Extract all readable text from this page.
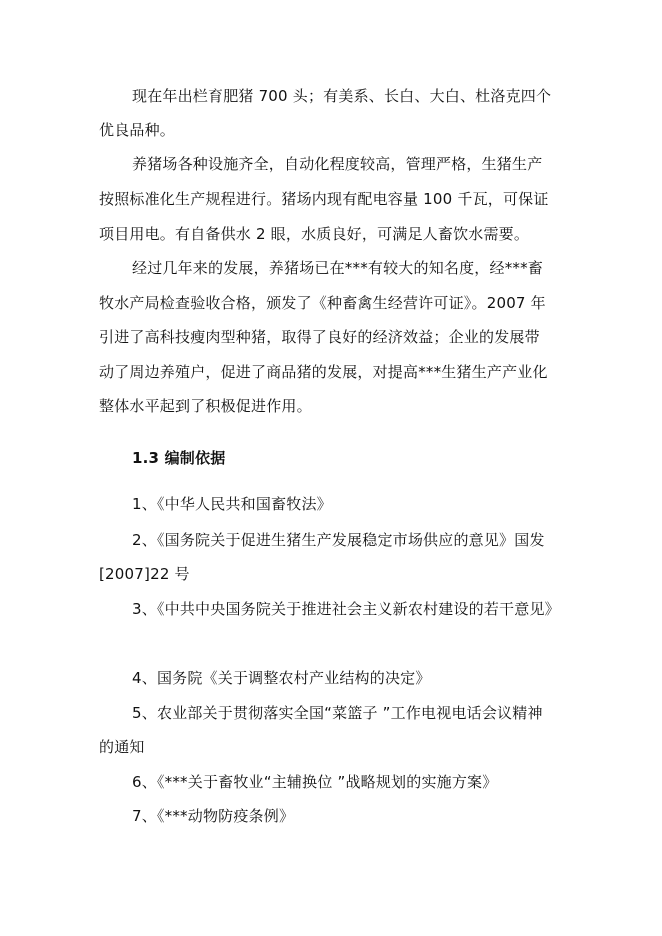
现在年出栏育肥猪 700 头；有美系、长白、大白、杜洛克四个
优良品种。
养猪场各种设施齐全，自动化程度较高，管理严格，生猪生产
按照标准化生产规程进行。猪场内现有配电容量 100 千瓦，可保证
项目用电。有自备供水 2 眼，水质良好，可满足人畜饮水需要。
经过几年来的发展，养猪场已在***有较大的知名度，经***畜
牧水产局检查验收合格，颁发了《种畜禽生经营许可证》。2007 年
引进了高科技瘦肉型种猪，取得了良好的经济效益；企业的发展带
动了周边养殖户，促进了商品猪的发展，对提高***生猪生产产业化
整体水平起到了积极促进作用。
1.3 编制依据
1、《中华人民共和国畜牧法》
2、《国务院关于促进生猪生产发展稳定市场供应的意见》国发
[2007]22 号
3、《中共中央国务院关于推进社会主义新农村建设的若干意见》
4、国务院《关于调整农村产业结构的决定》
5、农业部关于贯彻落实全国“菜篮子 ”工作电视电话会议精神
的通知
6、《***关于畜牧业“主辅换位 ”战略规划的实施方案》
7、《***动物防疫条例》
